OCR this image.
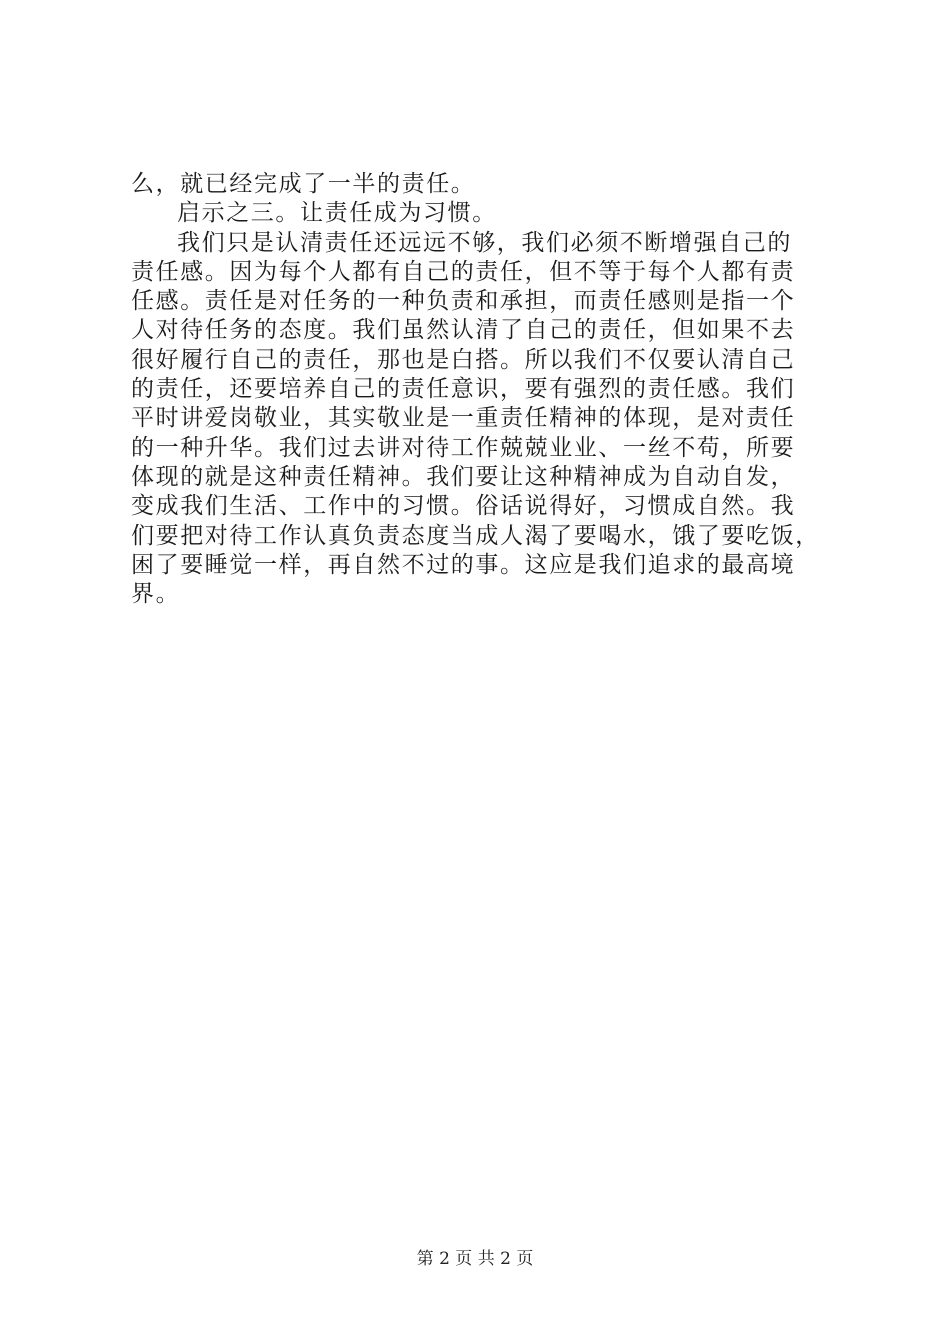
么，就已经完成了一半的责任。
启示之三。让责任成为习惯。
我们只是认清责任还远远不够，我们必须不断增强自己的
责任感。因为每个人都有自己的责任，但不等于每个人都有责
任感。责任是对任务的一种负责和承担，而责任感则是指一个
人对待任务的态度。我们虽然认清了自己的责任，但如果不去
很好履行自己的责任，那也是白搭。所以我们不仅要认清自己
的责任，还要培养自己的责任意识，要有强烈的责任感。我们
平时讲爱岗敬业，其实敬业是一重责任精神的体现，是对责任
的一种升华。我们过去讲对待工作兢兢业业、一丝不苟，所要
体现的就是这种责任精神。我们要让这种精神成为自动自发，
变成我们生活、工作中的习惯。俗话说得好，习惯成自然。我
们要把对待工作认真负责态度当成人渴了要喝水，饿了要吃饭，
困了要睡觉一样，再自然不过的事。这应是我们追求的最高境
界。
第 2 页 共 2 页
